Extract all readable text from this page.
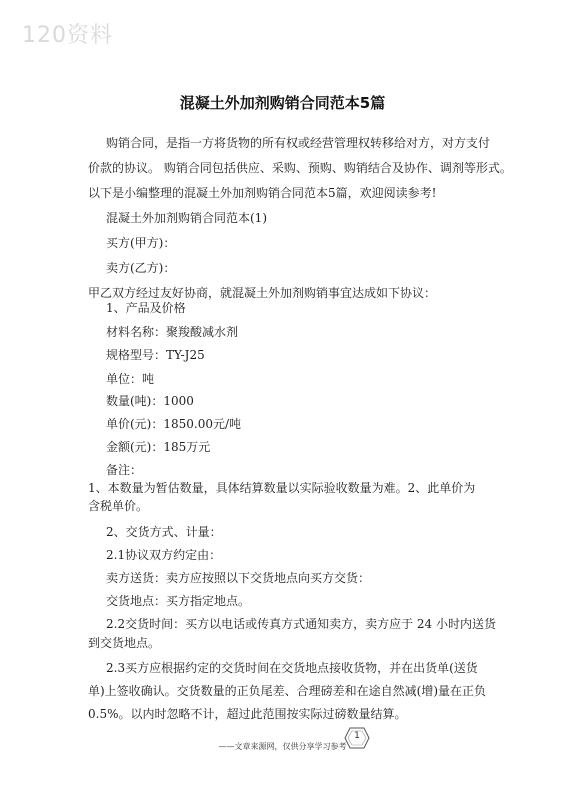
120资料
混凝土外加剂购销合同范本5篇
购销合同，是指一方将货物的所有权或经营管理权转移给对方，对方支付
价款的协议。 购销合同包括供应、采购、预购、购销结合及协作、调剂等形式。
以下是小编整理的混凝土外加剂购销合同范本5篇，欢迎阅读参考!
混凝土外加剂购销合同范本(1)
买方(甲方)：
卖方(乙方)：
甲乙双方经过友好协商，就混凝土外加剂购销事宜达成如下协议：
1、产品及价格
材料名称：聚羧酸减水剂
规格型号：TY-J25
单位：吨
数量(吨)：1000
单价(元)：1850.00元/吨
金额(元)：185万元
备注：
1、本数量为暂估数量，具体结算数量以实际验收数量为难。2、此单价为
含税单价。
2、交货方式、计量：
2.1协议双方约定由：
卖方送货：卖方应按照以下交货地点向买方交货：
交货地点：买方指定地点。
2.2交货时间：买方以电话或传真方式通知卖方，卖方应于 24 小时内送货
到交货地点。
2.3买方应根据约定的交货时间在交货地点接收货物，并在出货单(送货
单)上签收确认。交货数量的正负尾差、合理磅差和在途自然减(增)量在正负
0.5%。以内时忽略不计，超过此范围按实际过磅数量结算。
1
——文章来源网，仅供分享学习参考
